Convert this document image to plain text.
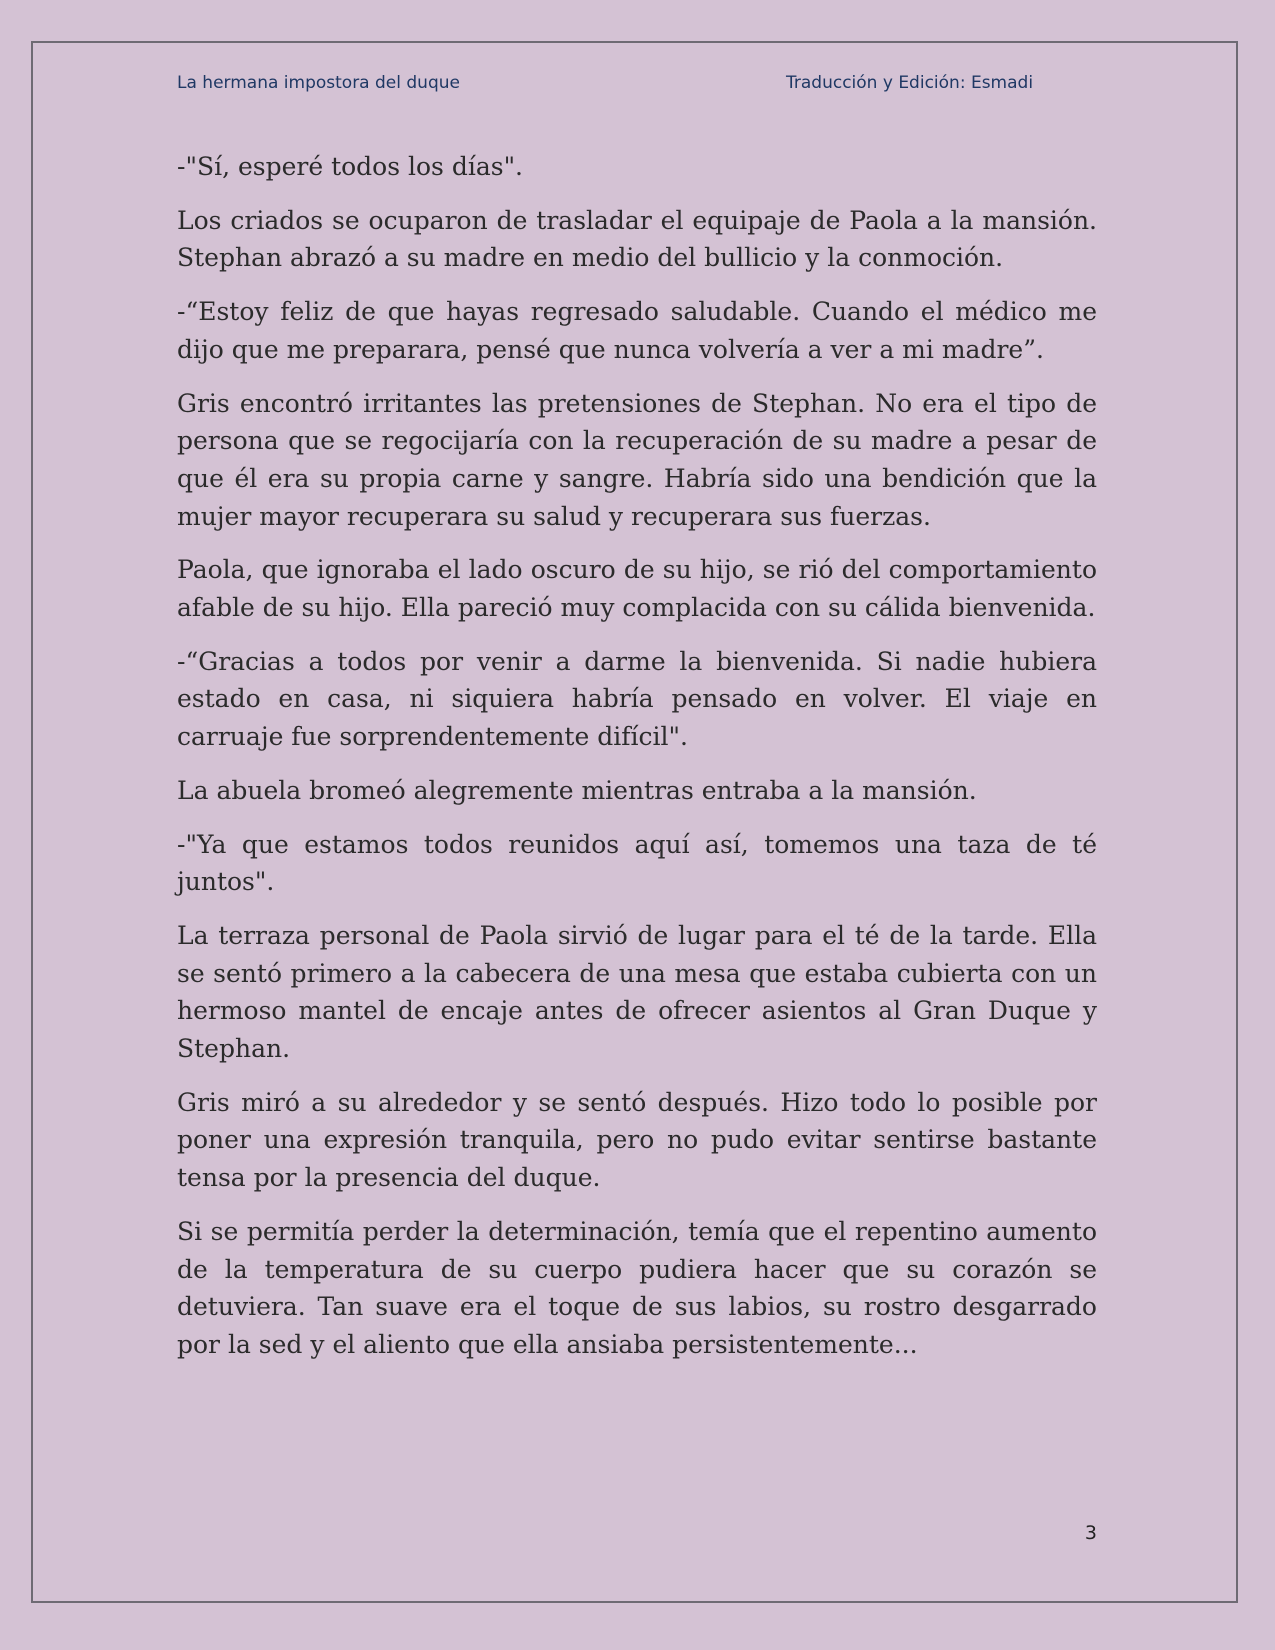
La hermana impostora del duque	Traducción y Edición: Esmadi

-"Sí, esperé todos los días".

Los criados se ocuparon de trasladar el equipaje de Paola a la mansión. Stephan abrazó a su madre en medio del bullicio y la conmoción.

-“Estoy feliz de que hayas regresado saludable. Cuando el médico me dijo que me preparara, pensé que nunca volvería a ver a mi madre”.

Gris encontró irritantes las pretensiones de Stephan. No era el tipo de persona que se regocijaría con la recuperación de su madre a pesar de que él era su propia carne y sangre. Habría sido una bendición que la mujer mayor recuperara su salud y recuperara sus fuerzas.

Paola, que ignoraba el lado oscuro de su hijo, se rió del comportamiento afable de su hijo. Ella pareció muy complacida con su cálida bienvenida.

-“Gracias a todos por venir a darme la bienvenida. Si nadie hubiera estado en casa, ni siquiera habría pensado en volver. El viaje en carruaje fue sorprendentemente difícil".

La abuela bromeó alegremente mientras entraba a la mansión.

-"Ya que estamos todos reunidos aquí así, tomemos una taza de té juntos".

La terraza personal de Paola sirvió de lugar para el té de la tarde. Ella se sentó primero a la cabecera de una mesa que estaba cubierta con un hermoso mantel de encaje antes de ofrecer asientos al Gran Duque y Stephan.

Gris miró a su alrededor y se sentó después. Hizo todo lo posible por poner una expresión tranquila, pero no pudo evitar sentirse bastante tensa por la presencia del duque.

Si se permitía perder la determinación, temía que el repentino aumento de la temperatura de su cuerpo pudiera hacer que su corazón se detuviera. Tan suave era el toque de sus labios, su rostro desgarrado por la sed y el aliento que ella ansiaba persistentemente...

3
